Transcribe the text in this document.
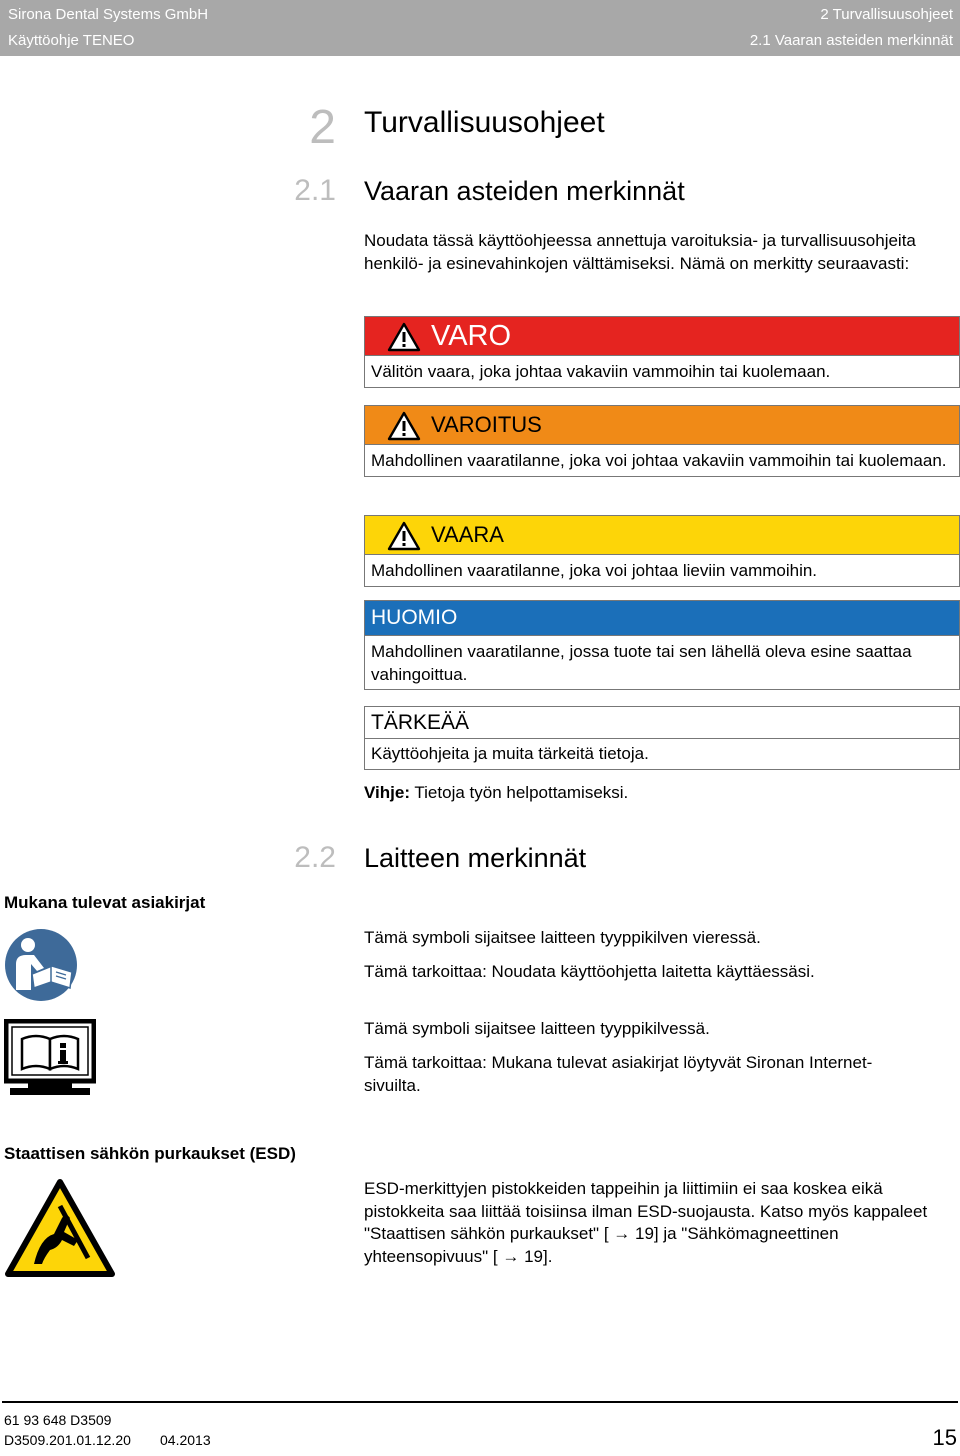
Sirona Dental Systems GmbH
Käyttöohje TENEO
2 Turvallisuusohjeet
2.1 Vaaran asteiden merkinnät
2 Turvallisuusohjeet
2.1 Vaaran asteiden merkinnät
Noudata tässä käyttöohjeessa annettuja varoituksia- ja turvallisuusohjeita henkilö- ja esinevahinkojen välttämiseksi. Nämä on merkitty seuraavasti:
VARO
Välitön vaara, joka johtaa vakaviin vammoihin tai kuolemaan.
VAROITUS
Mahdollinen vaaratilanne, joka voi johtaa vakaviin vammoihin tai kuolemaan.
VAARA
Mahdollinen vaaratilanne, joka voi johtaa lieviin vammoihin.
HUOMIO
Mahdollinen vaaratilanne, jossa tuote tai sen lähellä oleva esine saattaa vahingoittua.
TÄRKEÄÄ
Käyttöohjeita ja muita tärkeitä tietoja.
Vihje: Tietoja työn helpottamiseksi.
2.2 Laitteen merkinnät
Mukana tulevat asiakirjat
Tämä symboli sijaitsee laitteen tyyppikilven vieressä.
Tämä tarkoittaa: Noudata käyttöohjetta laitetta käyttäessäsi.
Tämä symboli sijaitsee laitteen tyyppikilvessä.
Tämä tarkoittaa: Mukana tulevat asiakirjat löytyvät Sironan Internet-sivuilta.
Staattisen sähkön purkaukset (ESD)
ESD-merkittyjen pistokkeiden tappeihin ja liittimiin ei saa koskea eikä pistokkeita saa liittää toisiinsa ilman ESD-suojausta. Katso myös kappaleet "Staattisen sähkön purkaukset" [ → 19] ja "Sähkömagneettinen yhteensopivuus" [ → 19].
61 93 648 D3509
D3509.201.01.12.20 04.2013	15
